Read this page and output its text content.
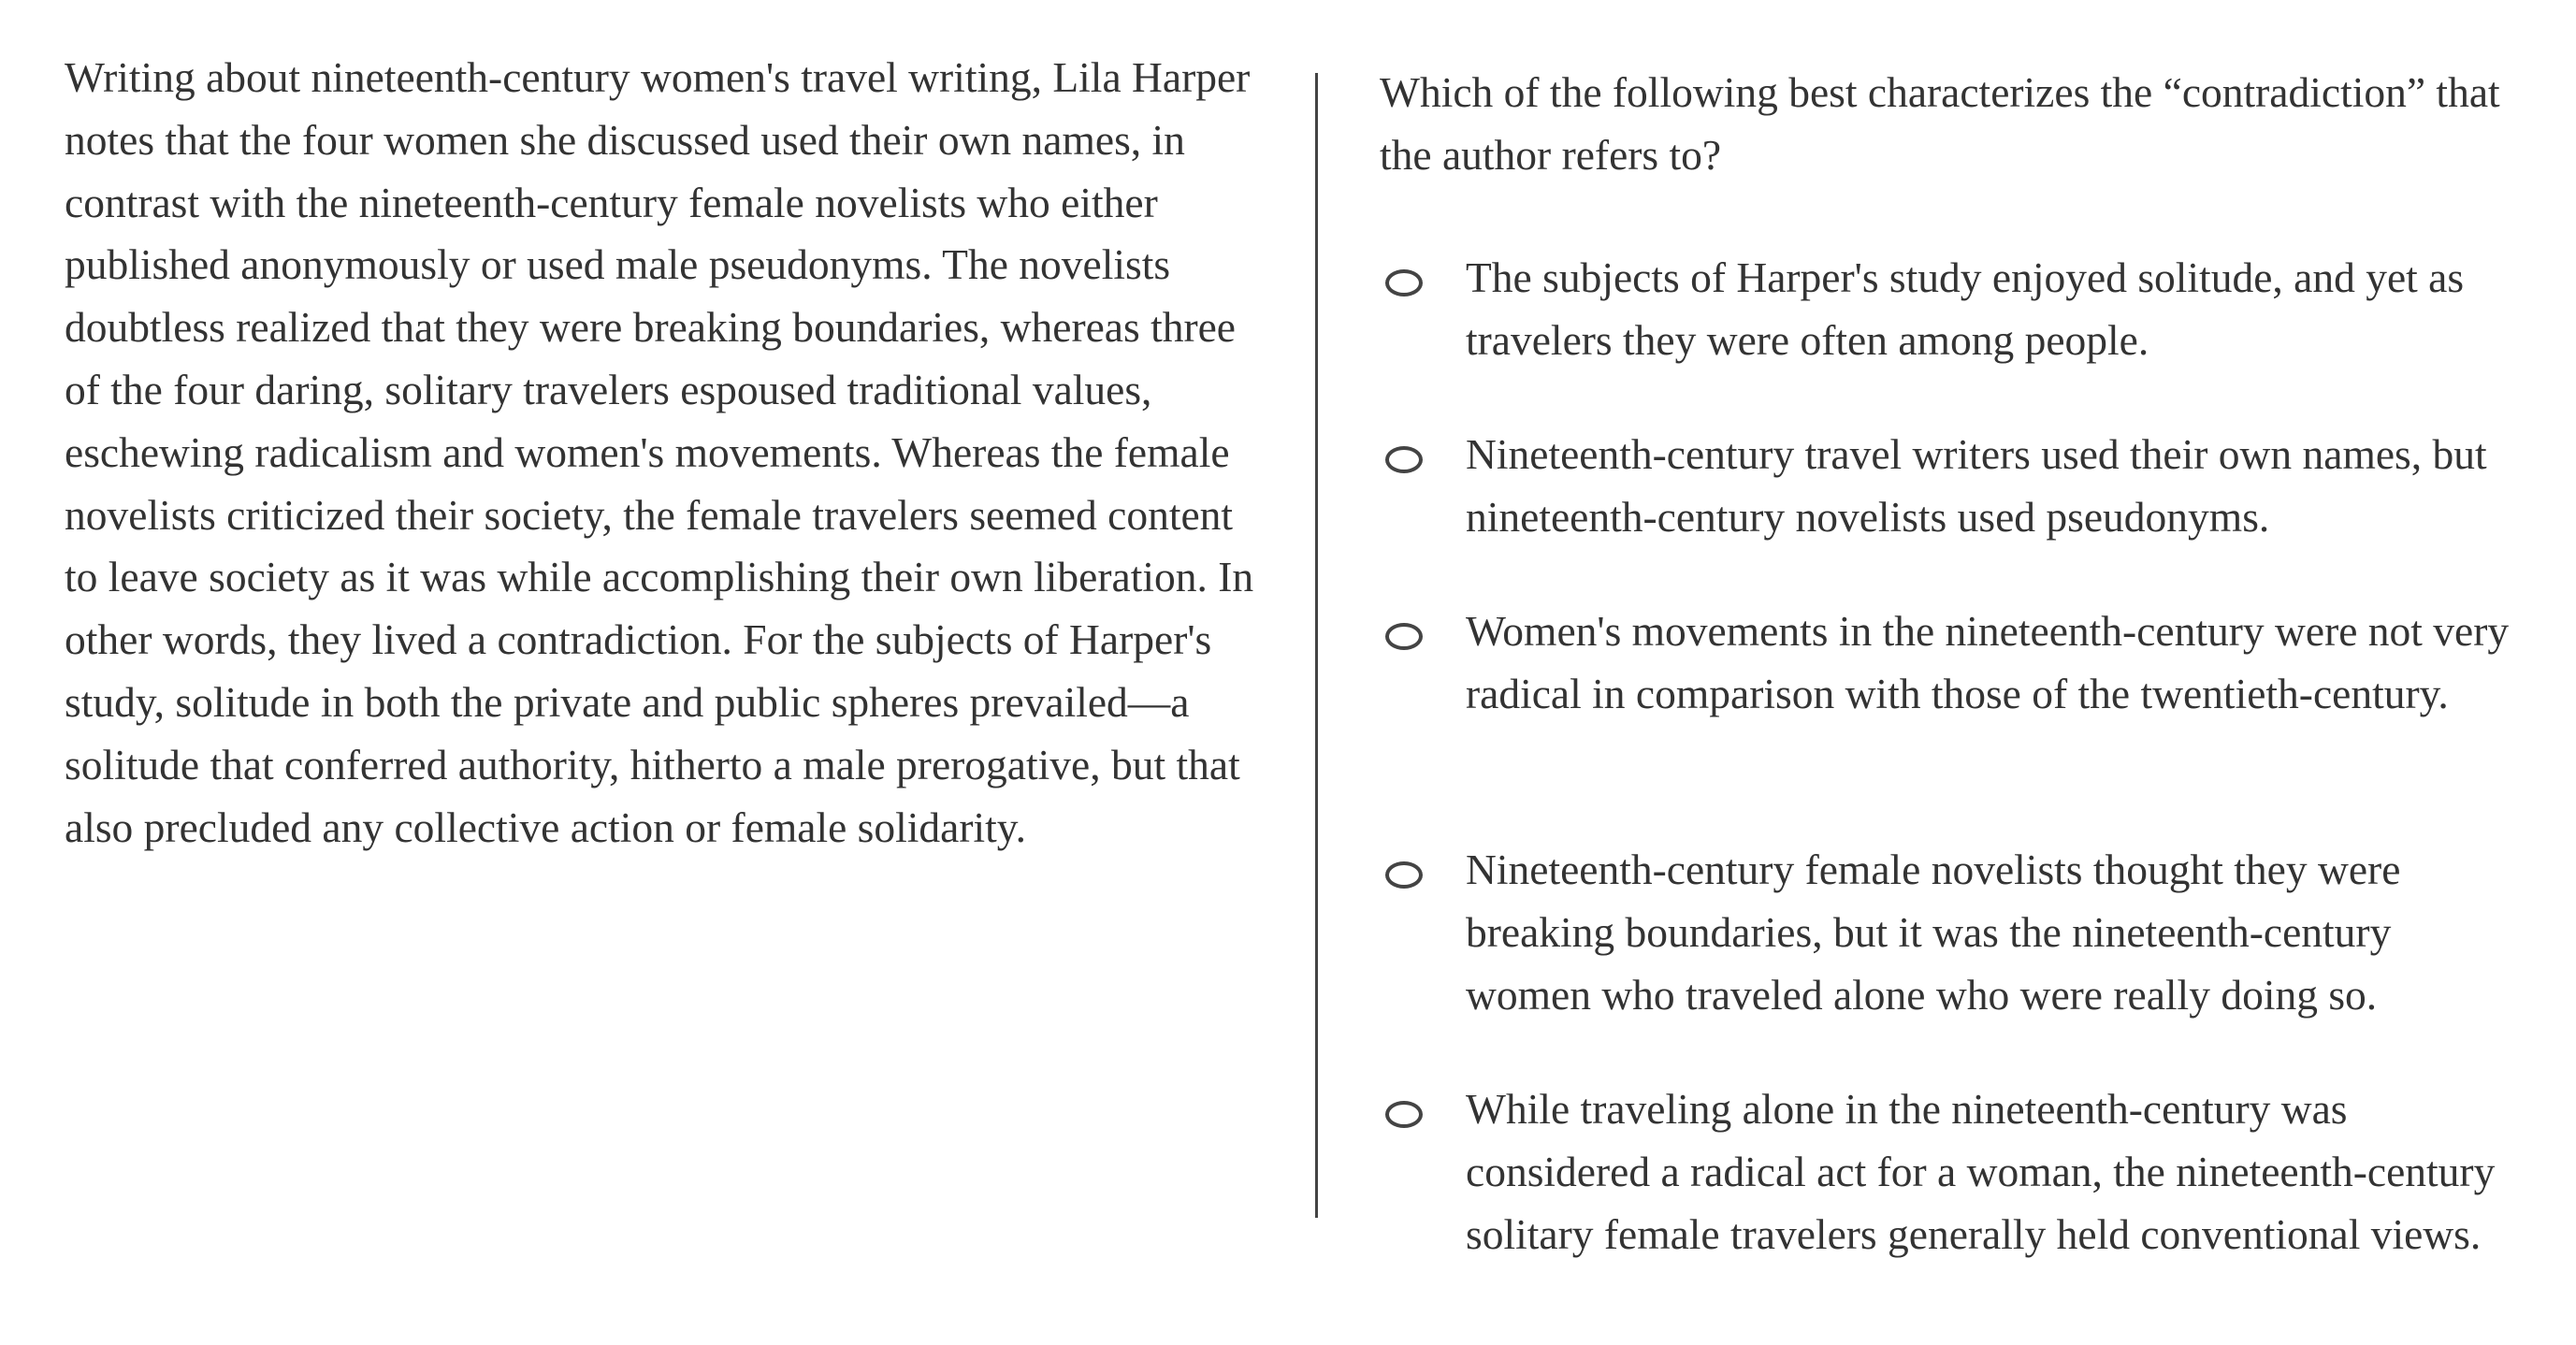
Writing about nineteenth-century women's travel writing, Lila Harper notes that the four women she discussed used their own names, in contrast with the nineteenth-century female novelists who either published anonymously or used male pseudonyms. The novelists doubtless realized that they were breaking boundaries, whereas three of the four daring, solitary travelers espoused traditional values, eschewing radicalism and women's movements. Whereas the female novelists criticized their society, the female travelers seemed content to leave society as it was while accomplishing their own liberation. In other words, they lived a contradiction. For the subjects of Harper's study, solitude in both the private and public spheres prevailed—a solitude that conferred authority, hitherto a male prerogative, but that also precluded any collective action or female solidarity.

Which of the following best characterizes the “contradiction” that the author refers to?

The subjects of Harper's study enjoyed solitude, and yet as travelers they were often among people.
Nineteenth-century travel writers used their own names, but nineteenth-century novelists used pseudonyms.
Women's movements in the nineteenth-century were not very radical in comparison with those of the twentieth-century.
Nineteenth-century female novelists thought they were breaking boundaries, but it was the nineteenth-century women who traveled alone who were really doing so.
While traveling alone in the nineteenth-century was considered a radical act for a woman, the nineteenth-century solitary female travelers generally held conventional views.
